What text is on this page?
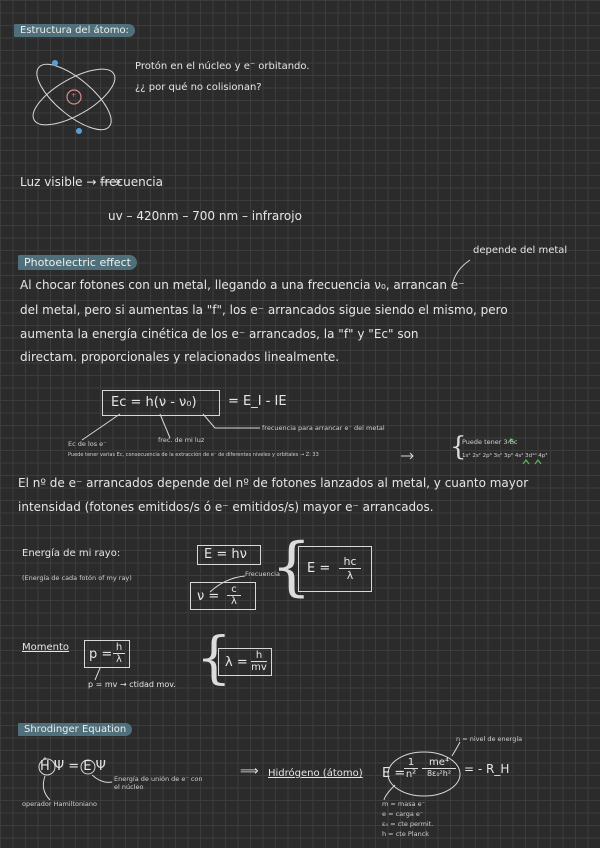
Estructura del átomo:
+
Protón en el núcleo y e⁻ orbitando.
¿¿ por qué no colisionan?
Luz visible → frecuencia
uv – 420nm – 700 nm – infrarojo
Photoelectric effect
depende del metal
Al chocar fotones con un metal, llegando a una frecuencia ν₀, arrancan e⁻
del metal, pero si aumentas la "f", los e⁻ arrancados sigue siendo el mismo, pero
aumenta la energía cinética de los e⁻ arrancados, la "f" y "Ec" son
directam. proporcionales y relacionados linealmente.
Ec = h(ν - ν₀) = E_I - IE
Ec de los e⁻	frec. de mi luz
frecuencia para arrancar e⁻ del metal
Puede tener varias Ec, consecuencia de la extracción de e⁻ de diferentes niveles y orbitales → Z: 33	{
Puede tener 3 Ec
1s² 2s² 2p⁶ 3s² 3p⁶ 4s² 3d¹⁰ 4p³
El nº de e⁻ arrancados depende del nº de fotones lanzados al metal, y cuanto mayor
intensidad (fotones emitidos/s ó e⁻ emitidos/s) mayor e⁻ arrancados.
Energía de mi rayo:
(Energía de cada fotón of my ray)
E = hν
Frecuencia
$\nu = \frac{c}{\lambda}$ {
$E = \frac{hc}{\lambda}$
Momento $p = \frac{h}{\lambda}$
p = mv → ctidad mov. {
$\lambda = \frac{h}{mv}$
Shrodinger Equation
Ĥ Ψ = E Ψ
Energía de unión de e⁻ con el núcleo
operador Hamiltoniano
⟹ Hidrógeno (átomo) E =
$\frac{1}{\text{n²}}$	me⁴
8ε₀²h²	= - R_H
n = nivel de energía
m = masa e⁻
e = carga e⁻
ε₀ = cte permit.
h = cte Planck
